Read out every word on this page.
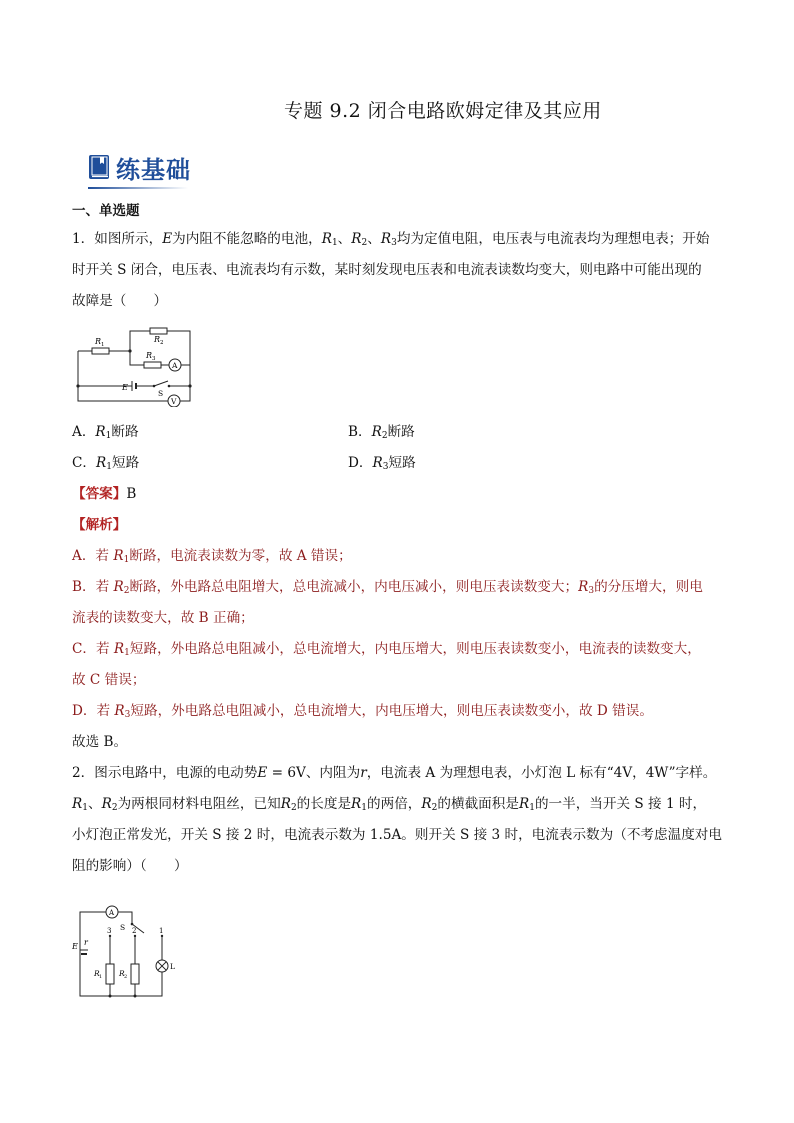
专题 9.2 闭合电路欧姆定律及其应用
练基础

一、单选题

1．如图所示，E为内阻不能忽略的电池，$R_1$、$R_2$、$R_3$均为定值电阻，电压表与电流表均为理想电表；开始

时开关 S 闭合，电压表、电流表均有示数，某时刻发现电压表和电流表读数均变大，则电路中可能出现的

故障是（　　）

R 1
R 2
R 3
A
V
E
S

A．$R_1$断路	B．$R_2$断路

C．$R_1$短路	D．$R_3$短路

【答案】B

【解析】

A．若 $R_1$断路，电流表读数为零，故 A 错误；

B．若 $R_2$断路，外电路总电阻增大，总电流减小，内电压减小，则电压表读数变大；$R_3$的分压增大，则电

流表的读数变大，故 B 正确；

C．若 $R_1$短路，外电路总电阻减小，总电流增大，内电压增大，则电压表读数变小，电流表的读数变大，

故 C 错误；

D．若 $R_3$短路，外电路总电阻减小，总电流增大，内电压增大，则电压表读数变小，故 D 错误。

故选 B。

2．图示电路中，电源的电动势E = 6V、内阻为r，电流表 A 为理想电表，小灯泡 L 标有“4V，4W”字样。

$R_1$、$R_2$为两根同材料电阻丝，已知$R_2$的长度是$R_1$的两倍，$R_2$的横截面积是$R_1$的一半，当开关 S 接 1 时，

小灯泡正常发光，开关 S 接 2 时，电流表示数为 1.5A。则开关 S 接 3 时，电流表示数为（不考虑温度对电

阻的影响）（　　）

A
S
E r
3	2	1
R 1 R 2
L
